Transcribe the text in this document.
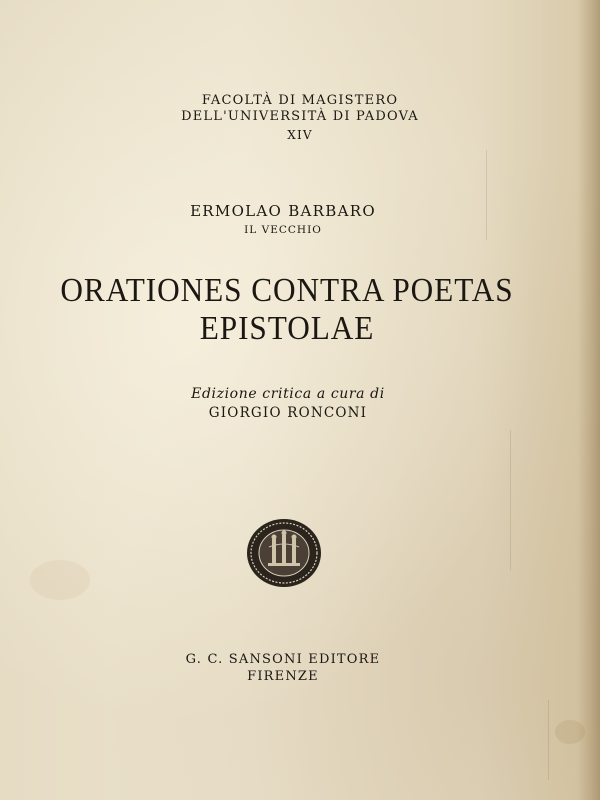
FACOLTÀ DI MAGISTERO
DELL'UNIVERSITÀ DI PADOVA
XIV
ERMOLAO BARBARO
IL VECCHIO
ORATIONES CONTRA POETAS
EPISTOLAE
Edizione critica a cura di
GIORGIO RONCONI
G. C. SANSONI EDITORE
FIRENZE
